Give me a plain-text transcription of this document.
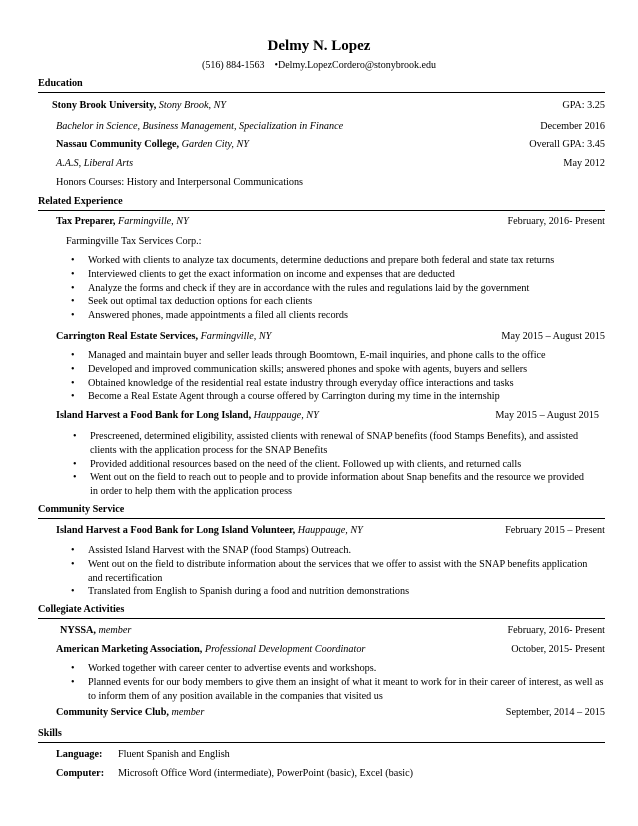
Delmy N. Lopez
(516) 884-1563 •Delmy.LopezCordero@stonybrook.edu
Education
Stony Brook University, Stony Brook, NY	GPA: 3.25
Bachelor in Science, Business Management, Specialization in Finance	December 2016
Nassau Community College, Garden City, NY	Overall GPA: 3.45
A.A.S, Liberal Arts	May 2012
Honors Courses: History and Interpersonal Communications
Related Experience
Tax Preparer, Farmingville, NY	February, 2016- Present
Farmingville Tax Services Corp.:
• Worked with clients to analyze tax documents, determine deductions and prepare both federal and state tax returns
• Interviewed clients to get the exact information on income and expenses that are deducted
• Analyze the forms and check if they are in accordance with the rules and regulations laid by the government
• Seek out optimal tax deduction options for each clients
• Answered phones, made appointments a filed all clients records
Carrington Real Estate Services, Farmingville, NY	May 2015 – August 2015
• Managed and maintain buyer and seller leads through Boomtown, E-mail inquiries, and phone calls to the office
• Developed and improved communication skills; answered phones and spoke with agents, buyers and sellers
• Obtained knowledge of the residential real estate industry through everyday office interactions and tasks
• Become a Real Estate Agent through a course offered by Carrington during my time in the internship
Island Harvest a Food Bank for Long Island, Hauppauge, NY	May 2015 – August 2015
• Prescreened, determined eligibility, assisted clients with renewal of SNAP benefits (food Stamps Benefits), and assisted clients with the application process for the SNAP Benefits
• Provided additional resources based on the need of the client. Followed up with clients, and returned calls
• Went out on the field to reach out to people and to provide information about Snap benefits and the resource we provided in order to help them with the application process
Community Service
Island Harvest a Food Bank for Long Island Volunteer, Hauppauge, NY	February 2015 – Present
• Assisted Island Harvest with the SNAP (food Stamps) Outreach.
• Went out on the field to distribute information about the services that we offer to assist with the SNAP benefits application and recertification
• Translated from English to Spanish during a food and nutrition demonstrations
Collegiate Activities
NYSSA, member	February, 2016- Present
American Marketing Association, Professional Development Coordinator	October, 2015- Present
• Worked together with career center to advertise events and workshops.
• Planned events for our body members to give them an insight of what it meant to work for in their career of interest, as well as to inform them of any position available in the companies that visited us
Community Service Club, member	September, 2014 – 2015
Skills
Language: Fluent Spanish and English
Computer: Microsoft Office Word (intermediate), PowerPoint (basic), Excel (basic)
